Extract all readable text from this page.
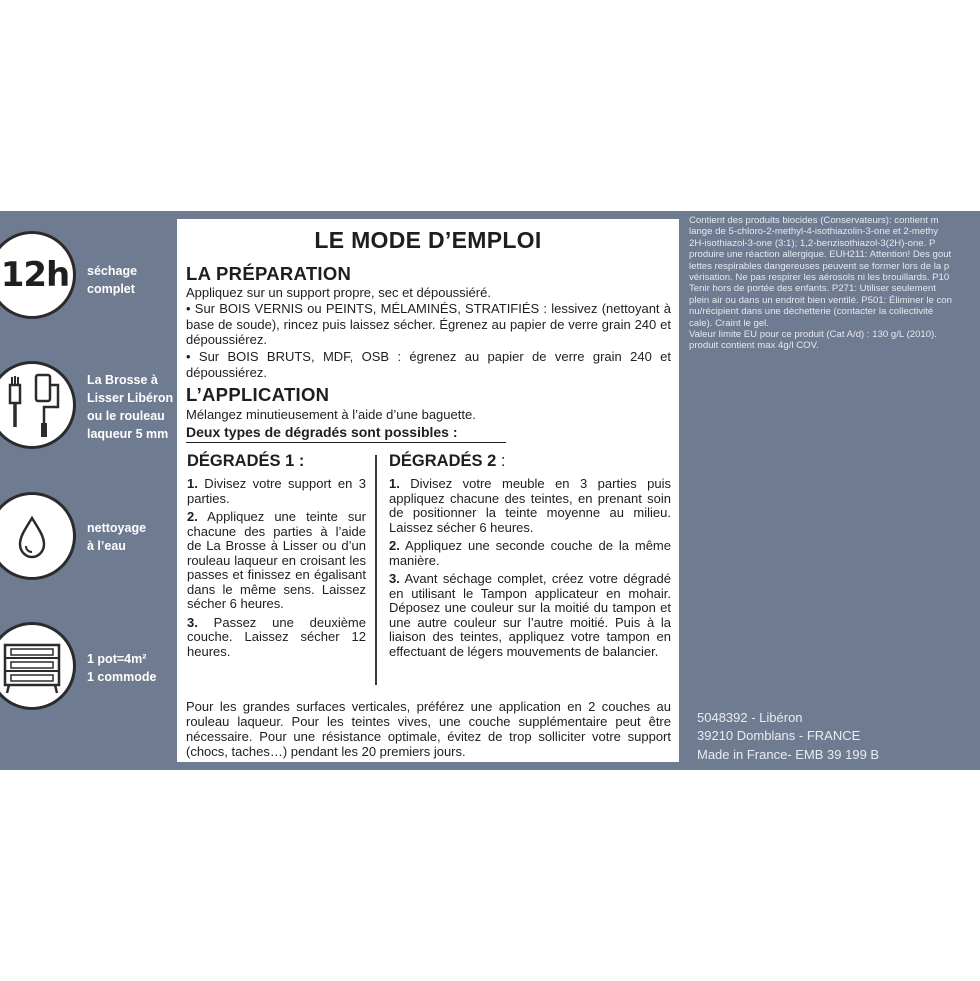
12h séchage
complet
La Brosse à
Lisser Libéron
ou le rouleau
laqueur 5 mm
nettoyage
à l’eau
1 pot=4m²
1 commode
LE MODE D’EMPLOI
LA PRÉPARATION
Appliquez sur un support propre, sec et dépoussiéré.
• Sur BOIS VERNIS ou PEINTS, MÉLAMINÉS, STRATIFIÉS : lessivez (nettoyant à base de soude), rincez puis laissez sécher. Égrenez au papier de verre grain 240 et dépoussiérez.
• Sur BOIS BRUTS, MDF, OSB : égrenez au papier de verre grain 240 et dépoussiérez.
L’APPLICATION
Mélangez minutieusement à l’aide d’une baguette.
Deux types de dégradés sont possibles :
DÉGRADÉS 1 :

1. Divisez votre support en 3 parties.

2. Appliquez une teinte sur chacune des parties à l’aide de La Brosse à Lisser ou d’un rouleau laqueur en croisant les passes et finissez en égalisant dans le même sens. Laissez sécher 6 heures.

3. Passez une deuxième couche. Laissez sécher 12 heures.

DÉGRADÉS 2 :

1. Divisez votre meuble en 3 parties puis appliquez chacune des teintes, en prenant soin de positionner la teinte moyenne au milieu. Laissez sécher 6 heures.

2. Appliquez une seconde couche de la même manière.

3. Avant séchage complet, créez votre dégradé en utilisant le Tampon applicateur en mohair. Déposez une couleur sur la moitié du tampon et une autre couleur sur l’autre moitié. Puis à la liaison des teintes, appliquez votre tampon en effectuant de légers mouvements de balancier.

Pour les grandes surfaces verticales, préférez une application en 2 couches au rouleau laqueur. Pour les teintes vives, une couche supplémentaire peut être nécessaire. Pour une résistance optimale, évitez de trop solliciter votre support (chocs, taches…) pendant les 20 premiers jours.
Contient des produits biocides (Conservateurs): contient m
lange de 5-chloro-2-methyl-4-isothiazolin-3-one et 2-methy
2H-isothiazol-3-one (3:1); 1,2-benzisothiazol-3(2H)-one. P
produire une réaction allergique. EUH211: Attention! Des gout
lettes respirables dangereuses peuvent se former lors de la p
vérisation. Ne pas respirer les aérosols ni les brouillards. P10
Tenir hors de portée des enfants. P271: Utiliser seulement
plein air ou dans un endroit bien ventilé. P501: Éliminer le con
nu/récipient dans une déchetterie (contacter la collectivité
cale). Craint le gel.
Valeur limite EU pour ce produit (Cat A/d) : 130 g/L (2010).
produit contient max 4g/l COV.
5048392 - Libéron
39210 Domblans - FRANCE
Made in France- EMB 39 199 B
